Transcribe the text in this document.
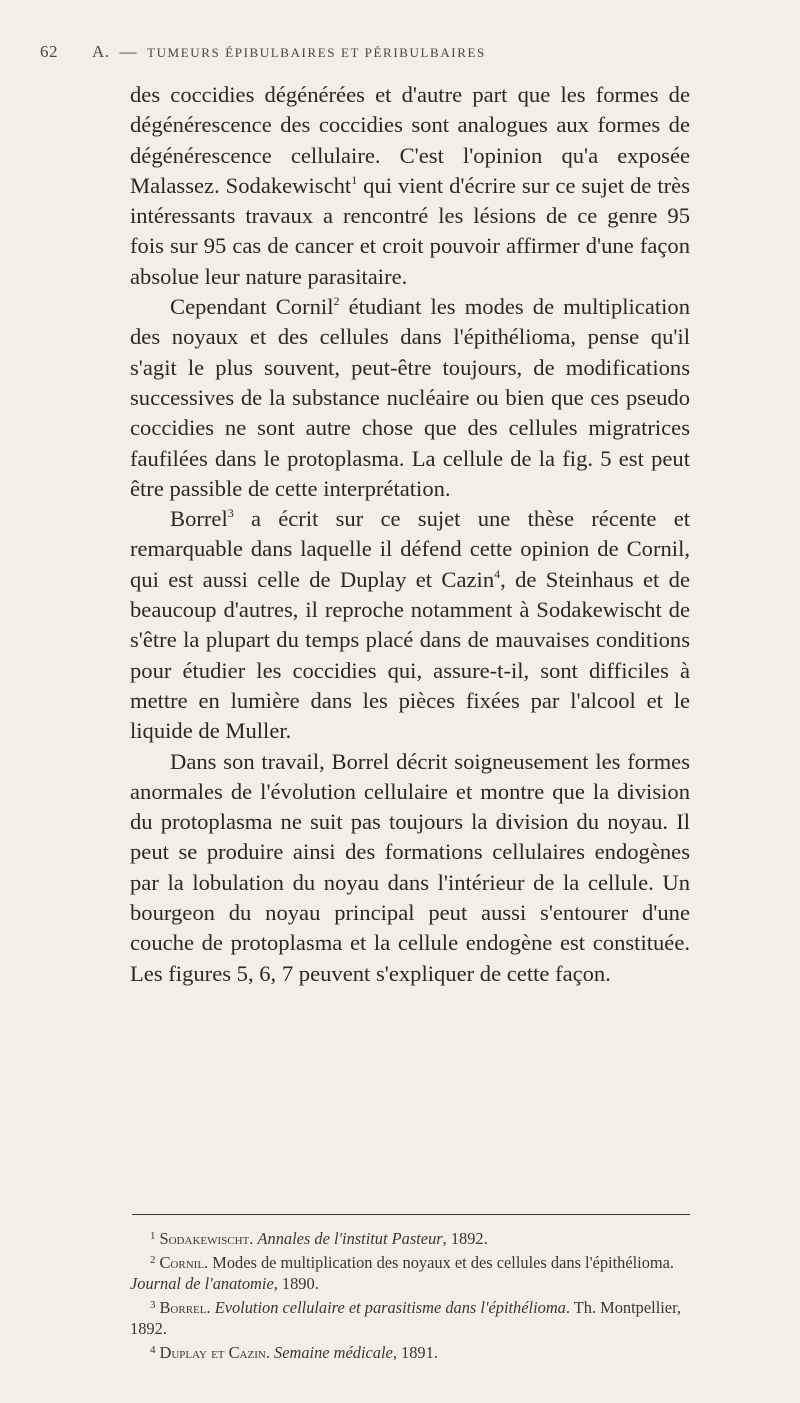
62 A. — TUMEURS ÉPIBULBAIRES ET PÉRIBULBAIRES

des coccidies dégénérées et d'autre part que les formes de dégénérescence des coccidies sont analogues aux formes de dégénérescence cellulaire. C'est l'opinion qu'a exposée Malassez. Sodakewischt$^1$ qui vient d'écrire sur ce sujet de très intéressants travaux a rencontré les lésions de ce genre 95 fois sur 95 cas de cancer et croit pouvoir affirmer d'une façon absolue leur nature parasitaire.

Cependant Cornil$^2$ étudiant les modes de multiplication des noyaux et des cellules dans l'épithélioma, pense qu'il s'agit le plus souvent, peut-être toujours, de modifications successives de la substance nucléaire ou bien que ces pseudo coccidies ne sont autre chose que des cellules migratrices faufilées dans le protoplasma. La cellule de la fig. 5 est peut être passible de cette interprétation.

Borrel$^3$ a écrit sur ce sujet une thèse récente et remarquable dans laquelle il défend cette opinion de Cornil, qui est aussi celle de Duplay et Cazin$^4$, de Steinhaus et de beaucoup d'autres, il reproche notamment à Sodakewischt de s'être la plupart du temps placé dans de mauvaises conditions pour étudier les coccidies qui, assure-t-il, sont difficiles à mettre en lumière dans les pièces fixées par l'alcool et le liquide de Muller.

Dans son travail, Borrel décrit soigneusement les formes anormales de l'évolution cellulaire et montre que la division du protoplasma ne suit pas toujours la division du noyau. Il peut se produire ainsi des formations cellulaires endogènes par la lobulation du noyau dans l'intérieur de la cellule. Un bourgeon du noyau principal peut aussi s'entourer d'une couche de protoplasma et la cellule endogène est constituée. Les figures 5, 6, 7 peuvent s'expliquer de cette façon.

$^1$ Sodakewischt. Annales de l'institut Pasteur, 1892.

$^2$ Cornil. Modes de multiplication des noyaux et des cellules dans l'épithélioma. Journal de l'anatomie, 1890.

$^3$ Borrel. Evolution cellulaire et parasitisme dans l'épithélioma. Th. Montpellier, 1892.

$^4$ Duplay et Cazin. Semaine médicale, 1891.
